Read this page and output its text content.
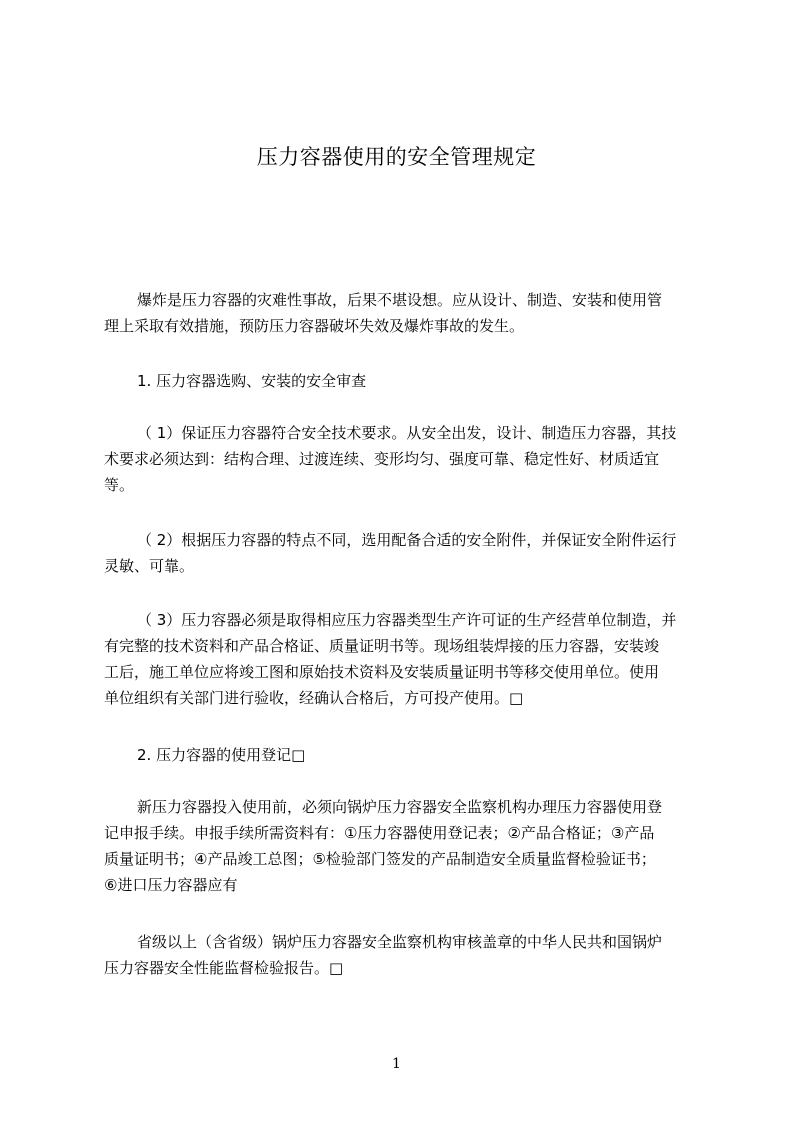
压力容器使用的安全管理规定
爆炸是压力容器的灾难性事故，后果不堪设想。应从设计、制造、安装和使用管
理上采取有效措施，预防压力容器破坏失效及爆炸事故的发生。
1. 压力容器选购、安装的安全审查
（ 1）保证压力容器符合安全技术要求。从安全出发，设计、制造压力容器，其技
术要求必须达到：结构合理、过渡连续、变形均匀、强度可靠、稳定性好、材质适宜
等。
（ 2）根据压力容器的特点不同，选用配备合适的安全附件，并保证安全附件运行
灵敏、可靠。
（ 3）压力容器必须是取得相应压力容器类型生产许可证的生产经营单位制造，并
有完整的技术资料和产品合格证、质量证明书等。现场组装焊接的压力容器，安装竣
工后，施工单位应将竣工图和原始技术资料及安装质量证明书等移交使用单位。使用
单位组织有关部门进行验收，经确认合格后，方可投产使用。□
2. 压力容器的使用登记□
新压力容器投入使用前，必须向锅炉压力容器安全监察机构办理压力容器使用登
记申报手续。申报手续所需资料有：①压力容器使用登记表；②产品合格证；③产品
质量证明书；④产品竣工总图；⑤检验部门签发的产品制造安全质量监督检验证书；
⑥进口压力容器应有
省级以上（含省级）锅炉压力容器安全监察机构审核盖章的中华人民共和国锅炉
压力容器安全性能监督检验报告。□
1
